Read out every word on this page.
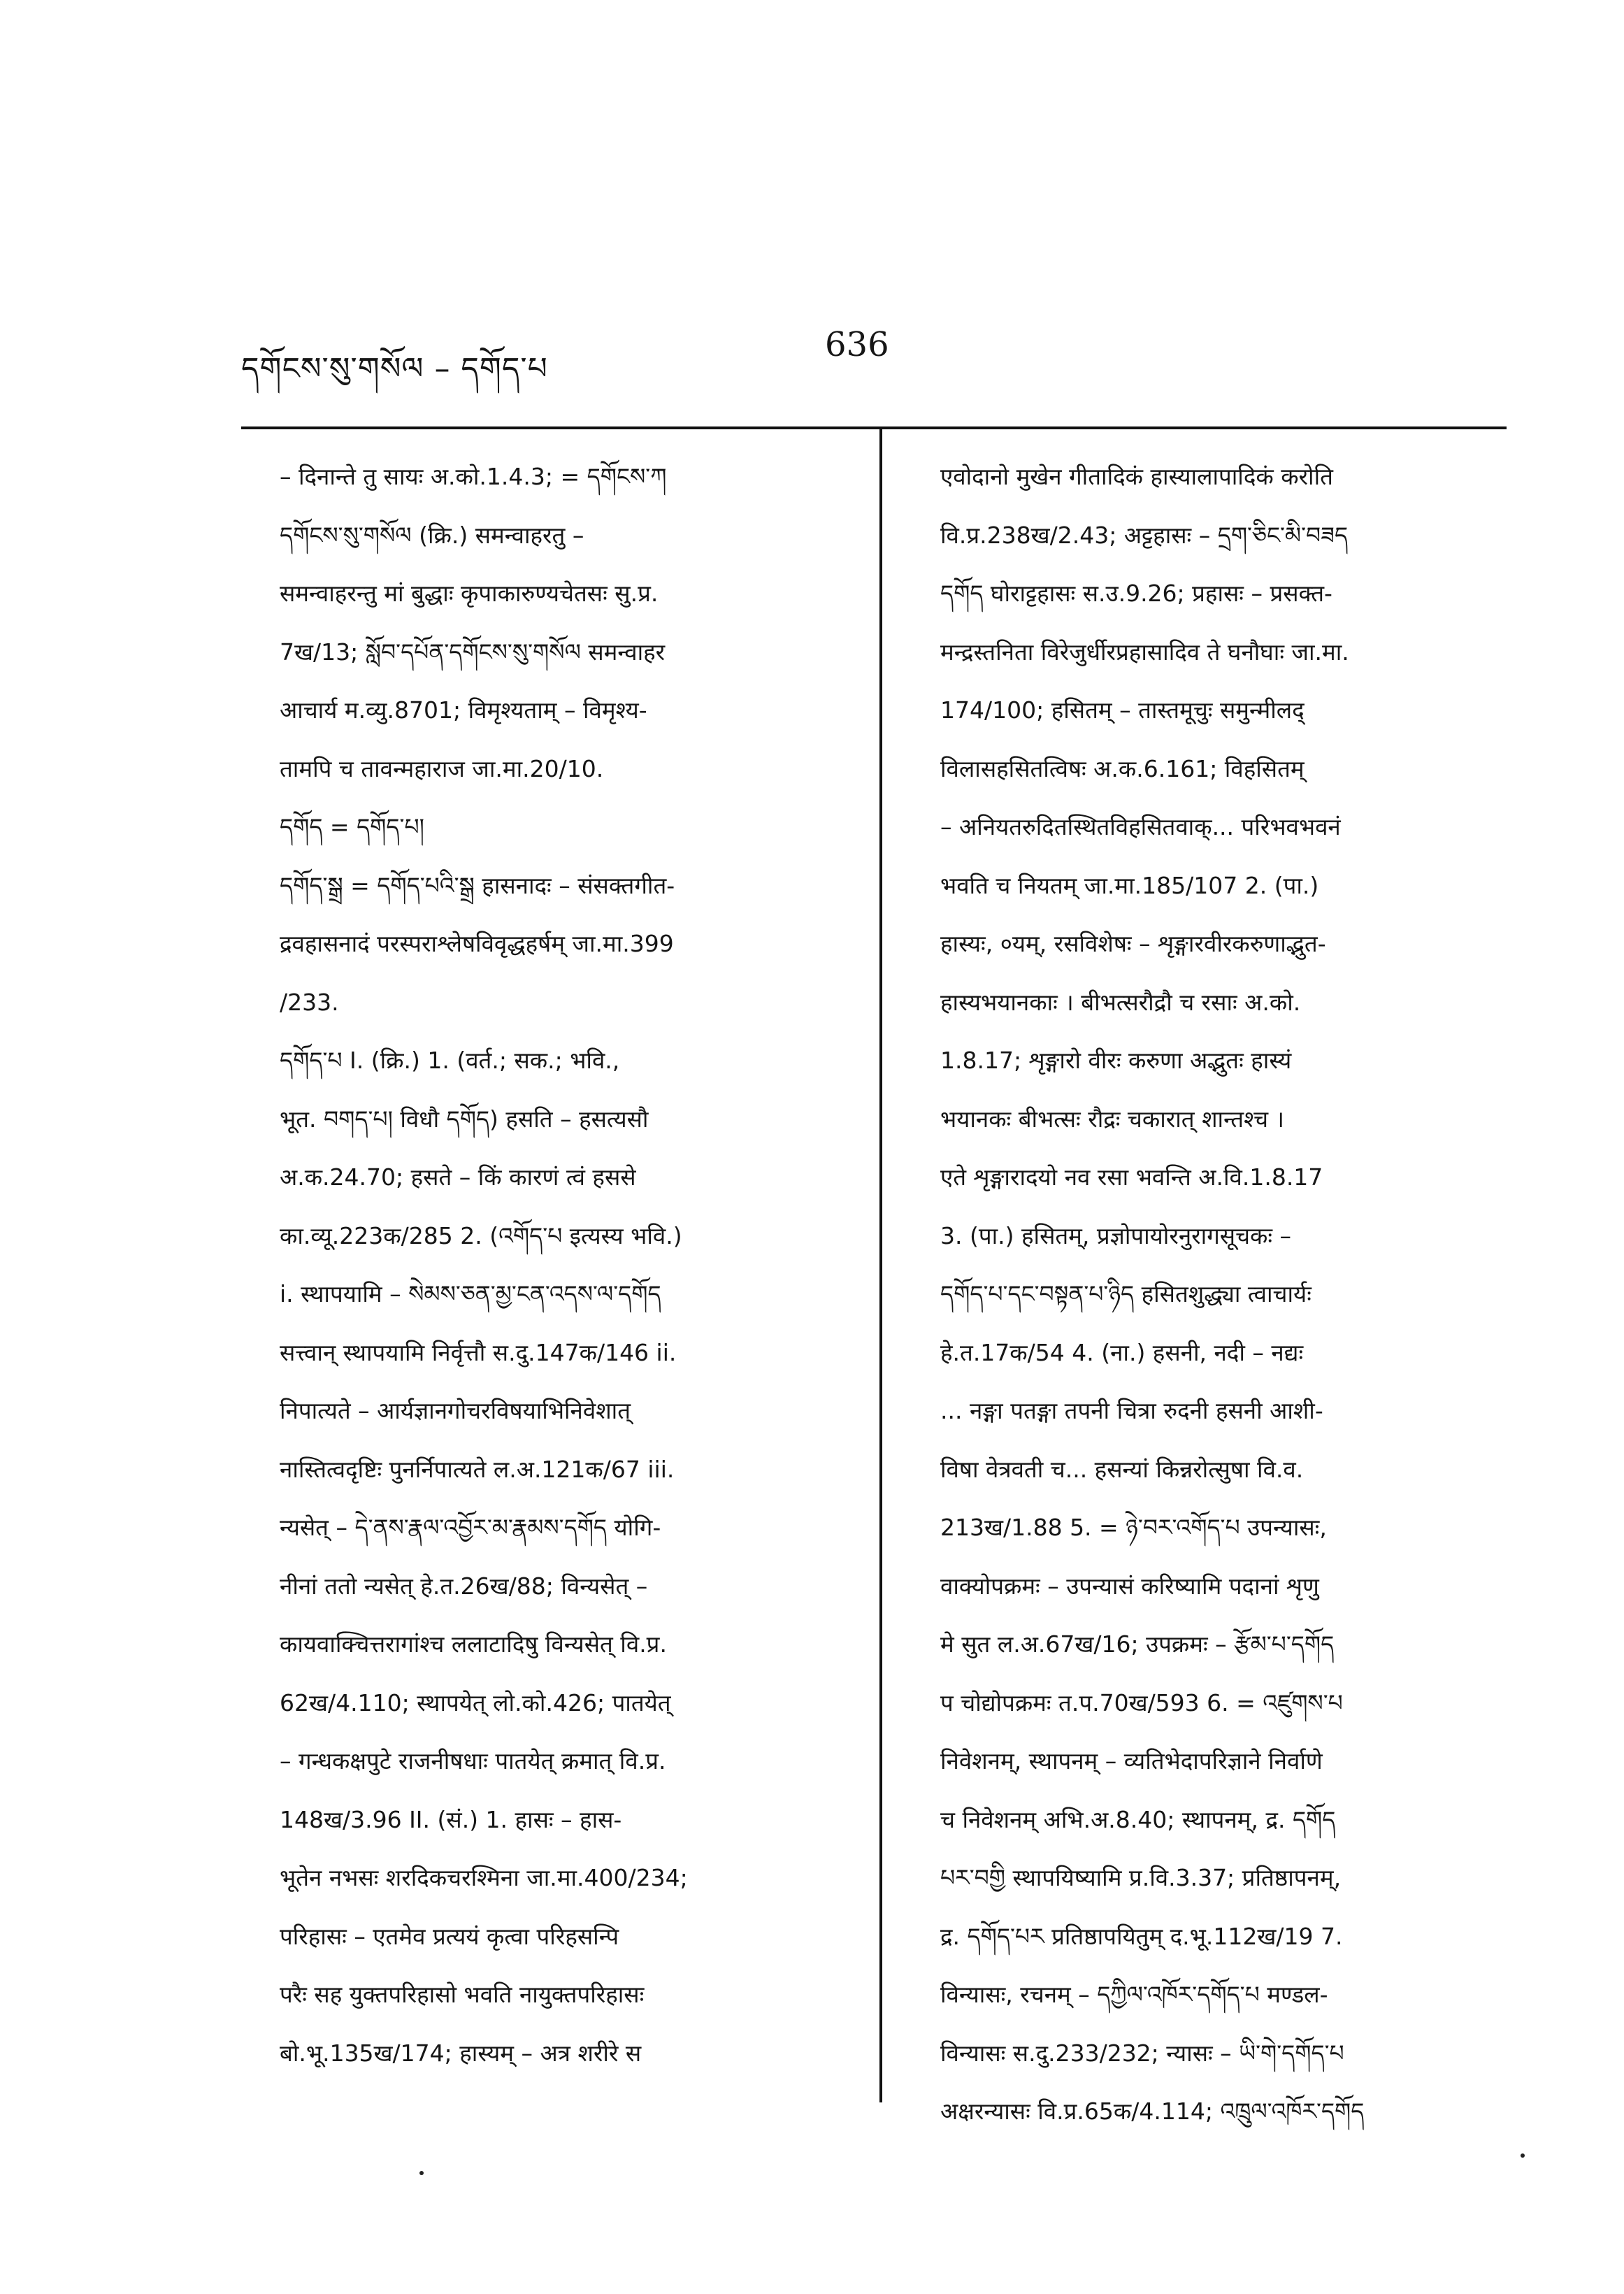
དགོངས་སུ་གསོལ – དགོད་པ
636
– दिनान्ते तु सायः अ.को.1.4.3; = དགོངས་ཀ
དགོངས་སུ་གསོལ (क्रि.) समन्वाहरतु –
समन्वाहरन्तु मां बुद्धाः कृपाकारुण्यचेतसः सु.प्र.
7ख/13; སློབ་དཔོན་དགོངས་སུ་གསོལ समन्वाहर
आचार्य म.व्यु.8701; विमृश्यताम् – विमृश्य-
तामपि च तावन्महाराज जा.मा.20/10.
དགོད = དགོད་པ།
དགོད་སྒྲ = དགོད་པའི་སྒྲ हासनादः – संसक्तगीत-
द्रवहासनादं परस्पराश्लेषविवृद्धहर्षम् जा.मा.399
/233.
དགོད་པ I. (क्रि.) 1. (वर्त.; सक.; भवि.,
भूत. བགད་པ། विधौ དགོད) हसति – हसत्यसौ
अ.क.24.70; हसते – किं कारणं त्वं हससे
का.व्यू.223क/285 2. (འགོད་པ इत्यस्य भवि.)
i. स्थापयामि – སེམས་ཅན་མྱ་ངན་འདས་ལ་དགོད
सत्त्वान् स्थापयामि निर्वृत्तौ स.दु.147क/146 ii.
निपात्यते – आर्यज्ञानगोचरविषयाभिनिवेशात्
नास्तित्वदृष्टिः पुनर्निपात्यते ल.अ.121क/67 iii.
न्यसेत् – དེ་ནས་རྣལ་འབྱོར་མ་རྣམས་དགོད योगि-
नीनां ततो न्यसेत् हे.त.26ख/88; विन्यसेत् –
कायवाक्चित्तरागांश्च ललाटादिषु विन्यसेत् वि.प्र.
62ख/4.110; स्थापयेत् लो.को.426; पातयेत्
– गन्धकक्षपुटे राजनीषधाः पातयेत् क्रमात् वि.प्र.
148ख/3.96 II. (सं.) 1. हासः – हास-
भूतेन नभसः शरदिकचरश्मिना जा.मा.400/234;
परिहासः – एतमेव प्रत्ययं कृत्वा परिहसन्पि
परैः सह युक्तपरिहासो भवति नायुक्तपरिहासः
बो.भू.135ख/174; हास्यम् – अत्र शरीरे स
एवोदानो मुखेन गीतादिकं हास्यालापादिकं करोति
वि.प्र.238ख/2.43; अट्टहासः – དྲག་ཅིང་མི་བཟད
དགོད घोराट्टहासः स.उ.9.26; प्रहासः – प्रसक्त-
मन्द्रस्तनिता विरेजुर्धीरप्रहासादिव ते घनौघाः जा.मा.
174/100; हसितम् – तास्तमूचुः समुन्मीलद्
विलासहसितत्विषः अ.क.6.161; विहसितम्
– अनियतरुदितस्थितविहसितवाक्... परिभवभवनं
भवति च नियतम् जा.मा.185/107 2. (पा.)
हास्यः, ०यम्, रसविशेषः – शृङ्गारवीरकरुणाद्भुत-
हास्यभयानकाः । बीभत्सरौद्रौ च रसाः अ.को.
1.8.17; शृङ्गारो वीरः करुणा अद्भुतः हास्यं
भयानकः बीभत्सः रौद्रः चकारात् शान्तश्च ।
एते शृङ्गारादयो नव रसा भवन्ति अ.वि.1.8.17
3. (पा.) हसितम्, प्रज्ञोपायोरनुरागसूचकः –
དགོད་པ་དང་བསྟན་པ་ཉིད हसितशुद्ध्या त्वाचार्यः
हे.त.17क/54 4. (ना.) हसनी, नदी – नद्यः
... नङ्गा पतङ्गा तपनी चित्रा रुदनी हसनी आशी-
विषा वेत्रवती च... हसन्यां किन्नरोत्सुषा वि.व.
213ख/1.88 5. = ཉེ་བར་འགོད་པ उपन्यासः,
वाक्योपक्रमः – उपन्यासं करिष्यामि पदानां शृणु
मे सुत ल.अ.67ख/16; उपक्रमः – རྩོམ་པ་དགོད
प चोद्योपक्रमः त.प.70ख/593 6. = འཛུགས་པ
निवेशनम्, स्थापनम् – व्यतिभेदापरिज्ञाने निर्वाणे
च निवेशनम् अभि.अ.8.40; स्थापनम्, द्र. དགོད
པར་བགྱི स्थापयिष्यामि प्र.वि.3.37; प्रतिष्ठापनम्,
द्र. དགོད་པར प्रतिष्ठापयितुम् द.भू.112ख/19 7.
विन्यासः, रचनम् – དཀྱིལ་འཁོར་དགོད་པ मण्डल-
विन्यासः स.दु.233/232; न्यासः – ཡི་གེ་དགོད་པ
अक्षरन्यासः वि.प्र.65क/4.114; འཁྲུལ་འཁོར་དགོད
